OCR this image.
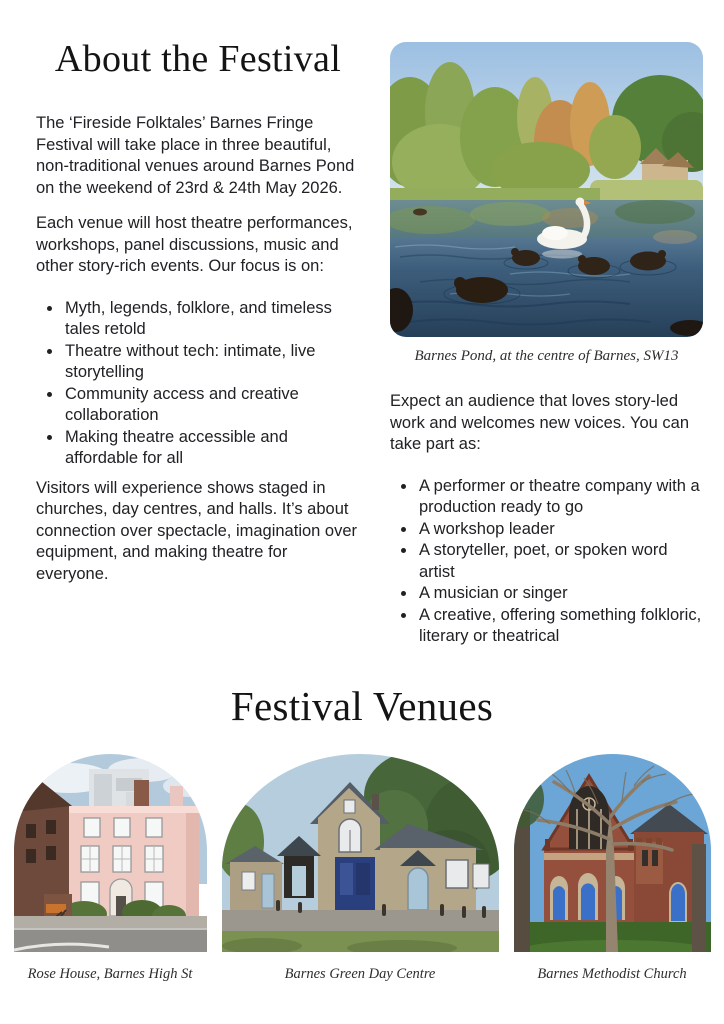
About the Festival

The ‘Fireside Folktales’ Barnes Fringe Festival will take place in three beautiful, non-traditional venues around Barnes Pond on the weekend of 23rd & 24th May 2026.

Each venue will host theatre performances, workshops, panel discussions, music and other story-rich events. Our focus is on:

• Myth, legends, folklore, and timeless tales retold
• Theatre without tech: intimate, live storytelling
• Community access and creative collaboration
• Making theatre accessible and affordable for all

Visitors will experience shows staged in churches, day centres, and halls. It’s about connection over spectacle, imagination over equipment, and making theatre for everyone.

Barnes Pond, at the centre of Barnes, SW13

Expect an audience that loves story-led work and welcomes new voices. You can take part as:

• A performer or theatre company with a production ready to go
• A workshop leader
• A storyteller, poet, or spoken word artist
• A musician or singer
• A creative, offering something folkloric, literary or theatrical
Festival Venues
Rose House, Barnes High St	Barnes Green Day Centre	Barnes Methodist Church
